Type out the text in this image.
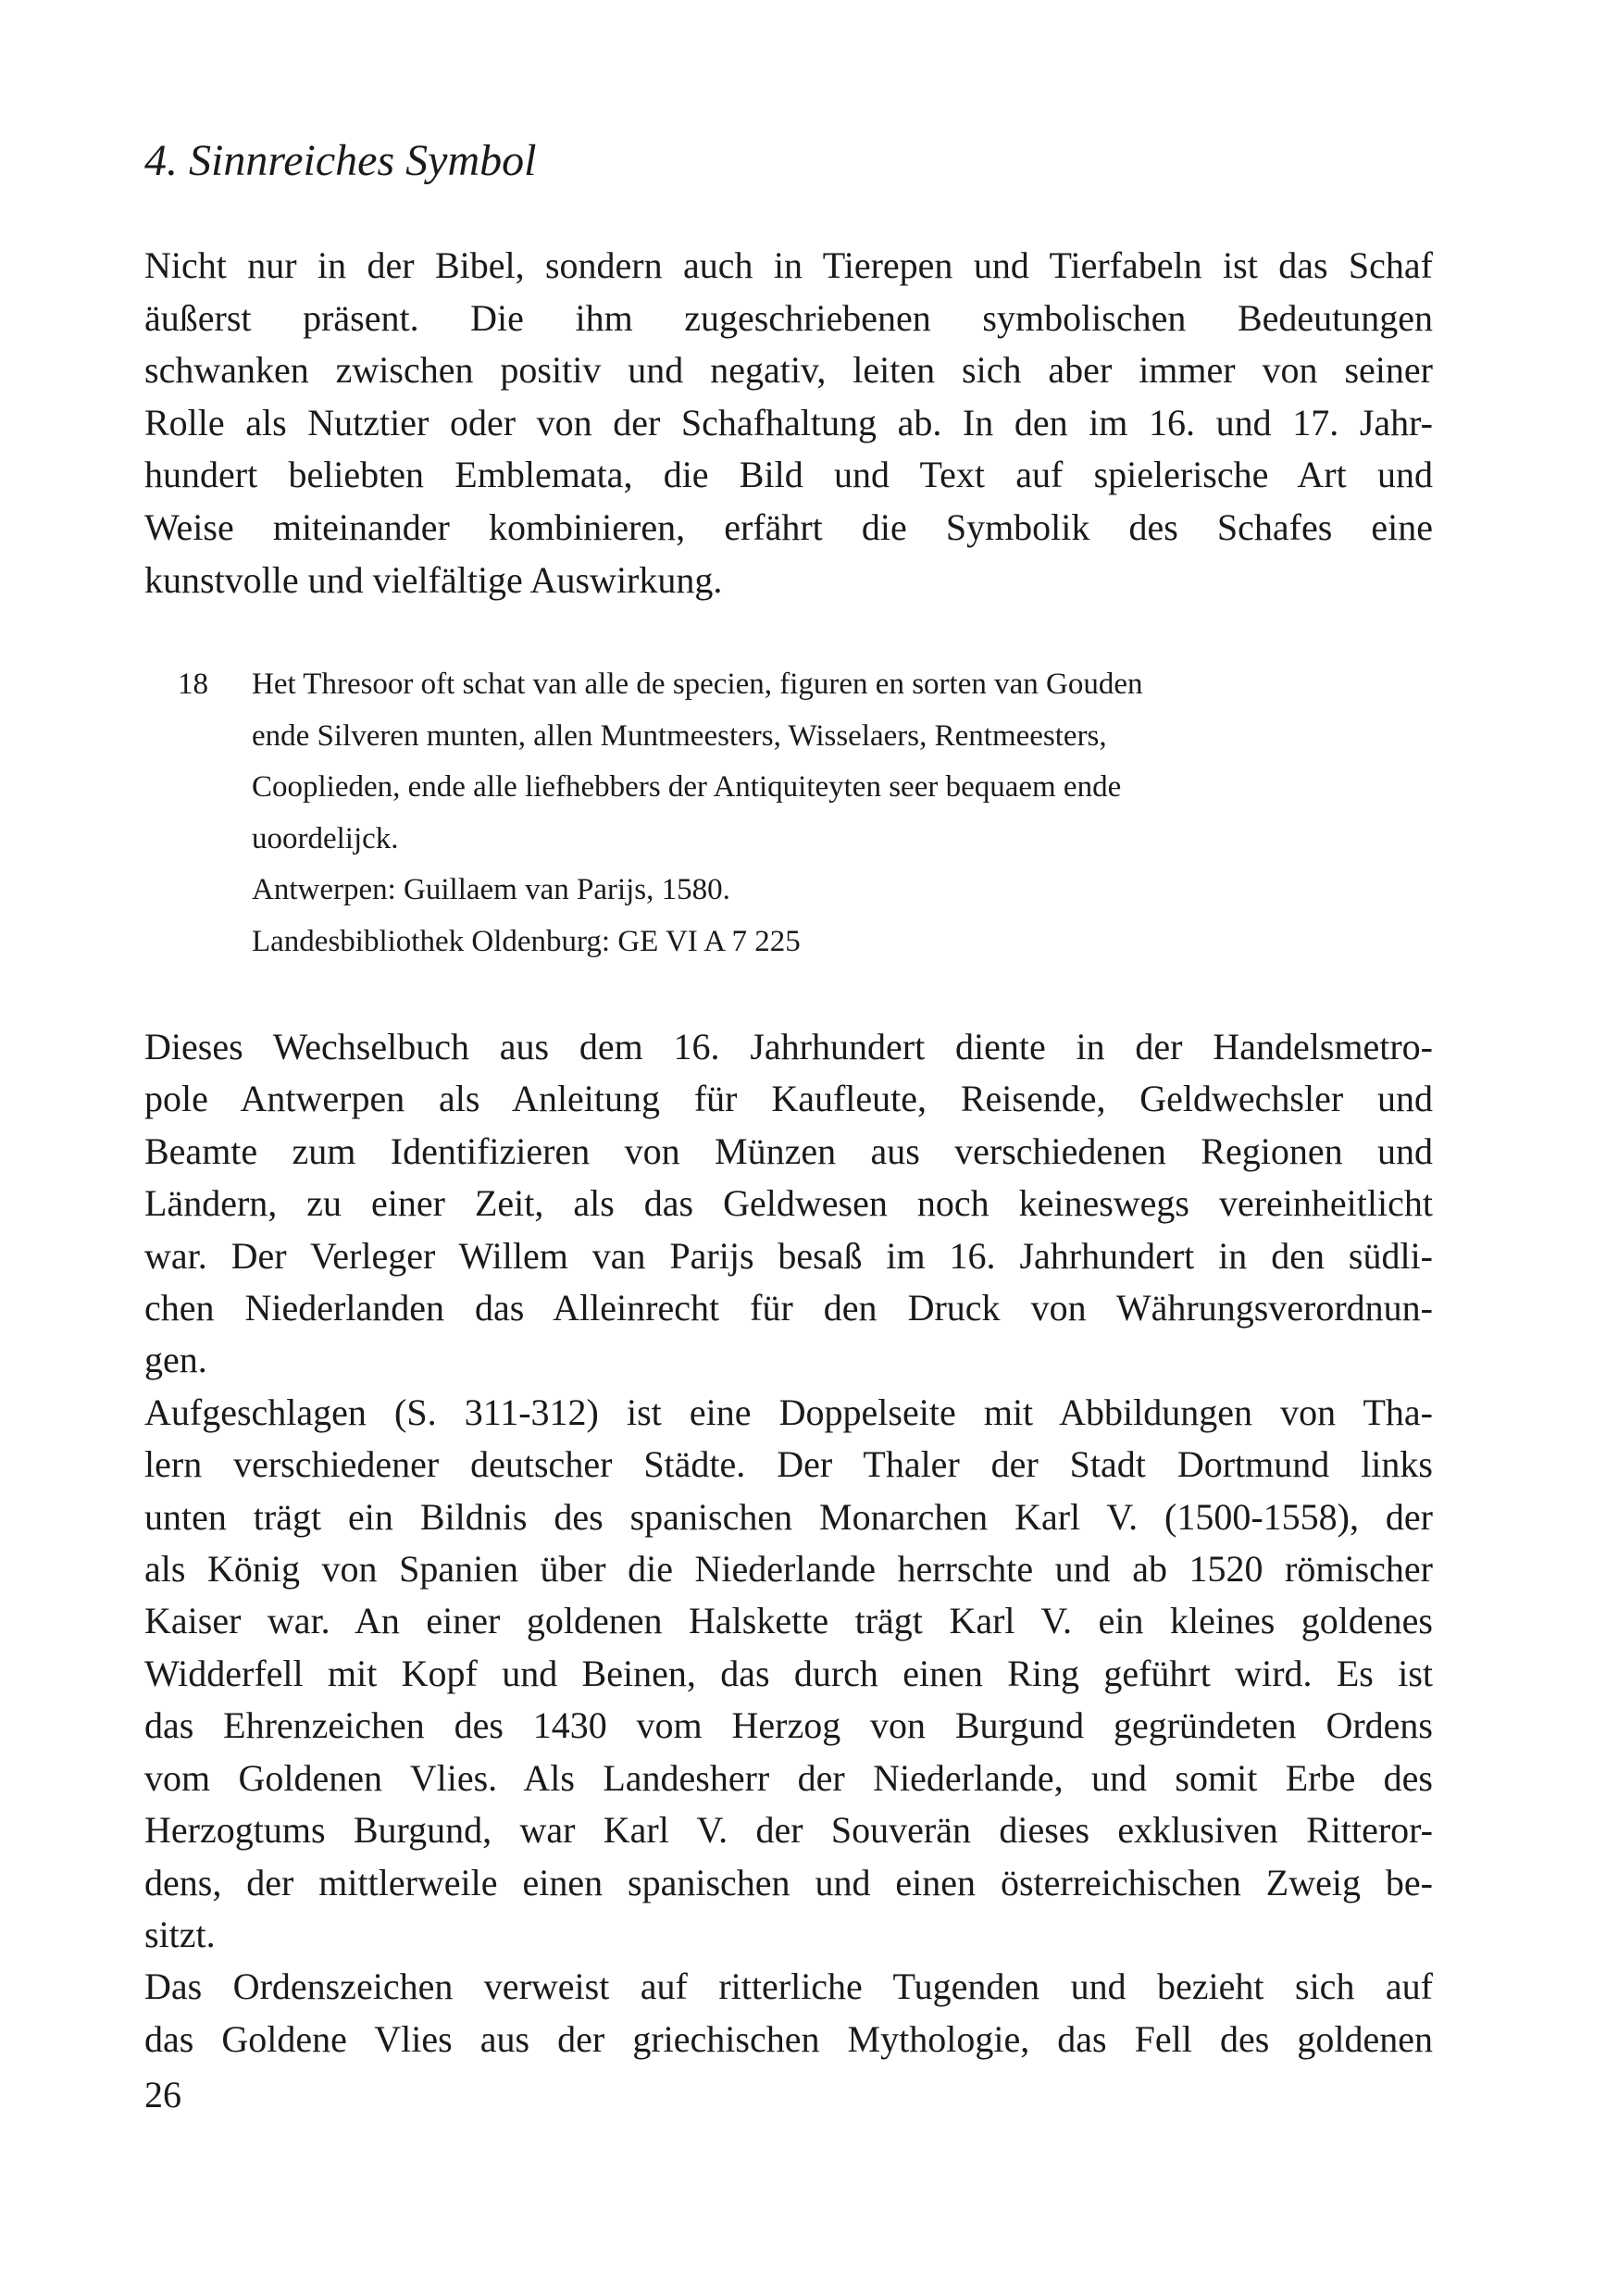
4. Sinnreiches Symbol
Nicht nur in der Bibel, sondern auch in Tierepen und Tierfabeln ist das Schaf
äußerst präsent. Die ihm zugeschriebenen symbolischen Bedeutungen
schwanken zwischen positiv und negativ, leiten sich aber immer von seiner
Rolle als Nutztier oder von der Schafhaltung ab. In den im 16. und 17. Jahr-
hundert beliebten Emblemata, die Bild und Text auf spielerische Art und
Weise miteinander kombinieren, erfährt die Symbolik des Schafes eine
kunstvolle und vielfältige Auswirkung.
18 Het Thresoor oft schat van alle de specien, figuren en sorten van Gouden
ende Silveren munten, allen Muntmeesters, Wisselaers, Rentmeesters,
Cooplieden, ende alle liefhebbers der Antiquiteyten seer bequaem ende
uoordelijck.
Antwerpen: Guillaem van Parijs, 1580.
Landesbibliothek Oldenburg: GE VI A 7 225
Dieses Wechselbuch aus dem 16. Jahrhundert diente in der Handelsmetro-
pole Antwerpen als Anleitung für Kaufleute, Reisende, Geldwechsler und
Beamte zum Identifizieren von Münzen aus verschiedenen Regionen und
Ländern, zu einer Zeit, als das Geldwesen noch keineswegs vereinheitlicht
war. Der Verleger Willem van Parijs besaß im 16. Jahrhundert in den südli-
chen Niederlanden das Alleinrecht für den Druck von Währungsverordnun-
gen.
Aufgeschlagen (S. 311-312) ist eine Doppelseite mit Abbildungen von Tha-
lern verschiedener deutscher Städte. Der Thaler der Stadt Dortmund links
unten trägt ein Bildnis des spanischen Monarchen Karl V. (1500-1558), der
als König von Spanien über die Niederlande herrschte und ab 1520 römischer
Kaiser war. An einer goldenen Halskette trägt Karl V. ein kleines goldenes
Widderfell mit Kopf und Beinen, das durch einen Ring geführt wird. Es ist
das Ehrenzeichen des 1430 vom Herzog von Burgund gegründeten Ordens
vom Goldenen Vlies. Als Landesherr der Niederlande, und somit Erbe des
Herzogtums Burgund, war Karl V. der Souverän dieses exklusiven Ritteror-
dens, der mittlerweile einen spanischen und einen österreichischen Zweig be-
sitzt.
Das Ordenszeichen verweist auf ritterliche Tugenden und bezieht sich auf
das Goldene Vlies aus der griechischen Mythologie, das Fell des goldenen
26
